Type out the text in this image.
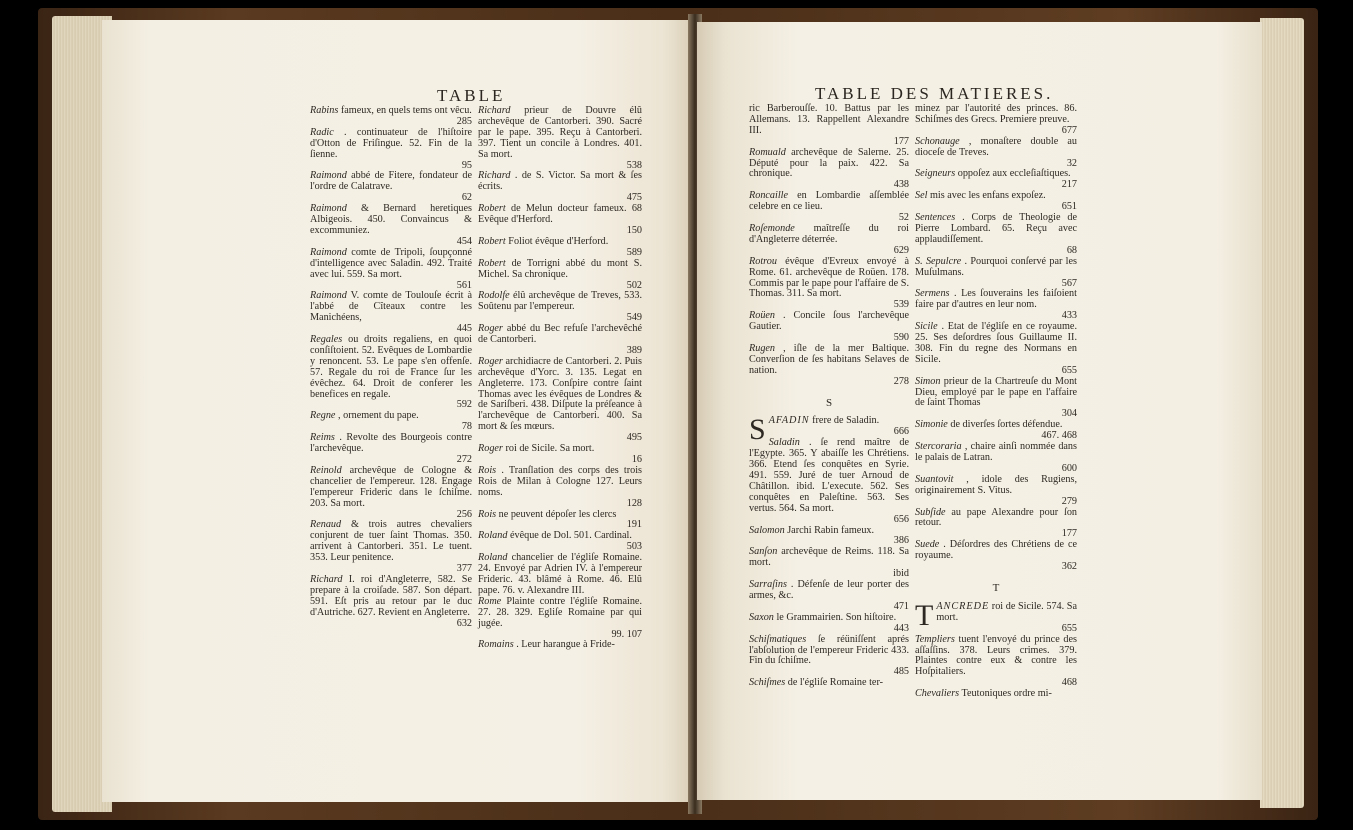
TABLE
Rabins fameux, en quels tems ont vêcu.
285
Radic . continuateur de l'hiſtoire d'Otton de Friſingue. 52. Fin de la ſienne.
95
Raimond abbé de Fitere, fondateur de l'ordre de Calatrave.
62
Raimond & Bernard heretiques Albigeois. 450. Convaincus & excommuniez.
454
Raimond comte de Tripoli, ſoupçonné d'intelligence avec Saladin. 492. Traité avec lui. 559. Sa mort.
561
Raimond V. comte de Toulouſe écrit à l'abbé de Cîteaux contre les Manichéens,
445
Regales ou droits regaliens, en quoi conſiſtoient. 52. Evêques de Lombardie y renoncent. 53. Le pape s'en offenſe. 57. Regale du roi de France ſur les évêchez. 64. Droit de conferer les benefices en regale.
592
Regne , ornement du pape.
78
Reims . Revolte des Bourgeois contre l'archevêque.
272
Reinold archevêque de Cologne & chancelier de l'empereur. 128. Engage l'empereur Frideric dans le ſchiſme. 203. Sa mort.
256
Renaud & trois autres chevaliers conjurent de tuer ſaint Thomas. 350. arrivent à Cantorberi. 351. Le tuent. 353. Leur penitence.
377
Richard I. roi d'Angleterre, 582. Se prepare à la croiſade. 587. Son départ. 591. Eſt pris au retour par le duc d'Autriche. 627. Revient en Angleterre.
632
Richard prieur de Douvre élû archevêque de Cantorberi. 390. Sacré par le pape. 395. Reçu à Cantorberi. 397. Tient un concile à Londres. 401. Sa mort.
538
Richard . de S. Victor. Sa mort & ſes écrits.
475
Robert de Melun docteur fameux. 68 Evêque d'Herford.
150
Robert Foliot évêque d'Herford.
589
Robert de Torrigni abbé du mont S. Michel. Sa chronique.
502
Rodolfe élû archevêque de Treves, 533. Soûtenu par l'empereur.
549
Roger abbé du Bec refuſe l'archevêché de Cantorberi.
389
Roger archidiacre de Cantorberi. 2. Puis archevêque d'Yorc. 3. 135. Legat en Angleterre. 173. Conſpire contre ſaint Thomas avec les évêques de Londres & de Sariſberi. 438. Diſpute la préſeance à l'archevêque de Cantorberi. 400. Sa mort & ſes mœurs.
495
Roger roi de Sicile. Sa mort.
16
Rois . Tranſlation des corps des trois Rois de Milan à Cologne 127. Leurs noms.
128
Rois ne peuvent dépoſer les clercs
191
Roland évêque de Dol. 501. Cardinal.
503
Roland chancelier de l'égliſe Romaine. 24. Envoyé par Adrien IV. à l'empereur Frideric. 43. blâmé à Rome. 46. Elû pape. 76. v. Alexandre III.
Rome Plainte contre l'égliſe Romaine. 27. 28. 329. Egliſe Romaine par qui jugée.
99. 107
Romains . Leur harangue à Fride-
TABLE DES MATIERES.
ric Barberouſſe. 10. Battus par les Allemans. 13. Rappellent Alexandre III.
177
Romuald archevêque de Salerne. 25. Député pour la paix. 422. Sa chronique.
438
Roncaille en Lombardie aſſemblée celebre en ce lieu.
52
Roſemonde maîtreſſe du roi d'Angleterre déterrée.
629
Rotrou évêque d'Evreux envoyé à Rome. 61. archevêque de Roüen. 178. Commis par le pape pour l'affaire de S. Thomas. 311. Sa mort.
539
Roüen . Concile ſous l'archevêque Gautier.
590
Rugen , iſle de la mer Baltique. Converſion de ſes habitans Selaves de nation.
278
S
SAFADIN frere de Saladin.
666
Saladin . ſe rend maître de l'Egypte. 365. Y abaiſſe les Chrétiens. 366. Etend ſes conquêtes en Syrie. 491. 559. Juré de tuer Arnoud de Châtillon. ibid. L'execute. 562. Ses conquêtes en Paleſtine. 563. Ses vertus. 564. Sa mort.
656
Salomon Jarchi Rabin fameux.
386
Sanſon archevêque de Reims. 118. Sa mort.
ibid
Sarraſins . Défenſe de leur porter des armes, &c.
471
Saxon le Grammairien. Son hiſtoire.
443
Schiſmatiques ſe réüniſſent aprés l'abſolution de l'empereur Frideric 433. Fin du ſchiſme.
485
Schiſmes de l'égliſe Romaine ter-
minez par l'autorité des princes. 86. Schiſmes des Grecs. Premiere preuve.
677
Schonauge , monaſtere double au dioceſe de Treves.
32
Seigneurs oppoſez aux eccleſiaſtiques.
217
Sel mis avec les enfans expoſez.
651
Sentences . Corps de Theologie de Pierre Lombard. 65. Reçu avec applaudiſſement.
68
S. Sepulcre . Pourquoi conſervé par les Muſulmans.
567
Sermens . Les ſouverains les faiſoient faire par d'autres en leur nom.
433
Sicile . Etat de l'égliſe en ce royaume. 25. Ses deſordres ſous Guillaume II. 308. Fin du regne des Normans en Sicile.
655
Simon prieur de la Chartreuſe du Mont Dieu, employé par le pape en l'affaire de ſaint Thomas
304
Simonie de diverſes ſortes défendue.
467. 468
Stercoraria , chaire ainſi nommée dans le palais de Latran.
600
Suantovit , idole des Rugiens, originairement S. Vitus.
279
Subſide au pape Alexandre pour ſon retour.
177
Suede . Déſordres des Chrétiens de ce royaume.
362
T
TANCREDE roi de Sicile. 574. Sa mort.
655
Templiers tuent l'envoyé du prince des aſſaſſins. 378. Leurs crimes. 379. Plaintes contre eux & contre les Hoſpitaliers.
468
Chevaliers Teutoniques ordre mi-
